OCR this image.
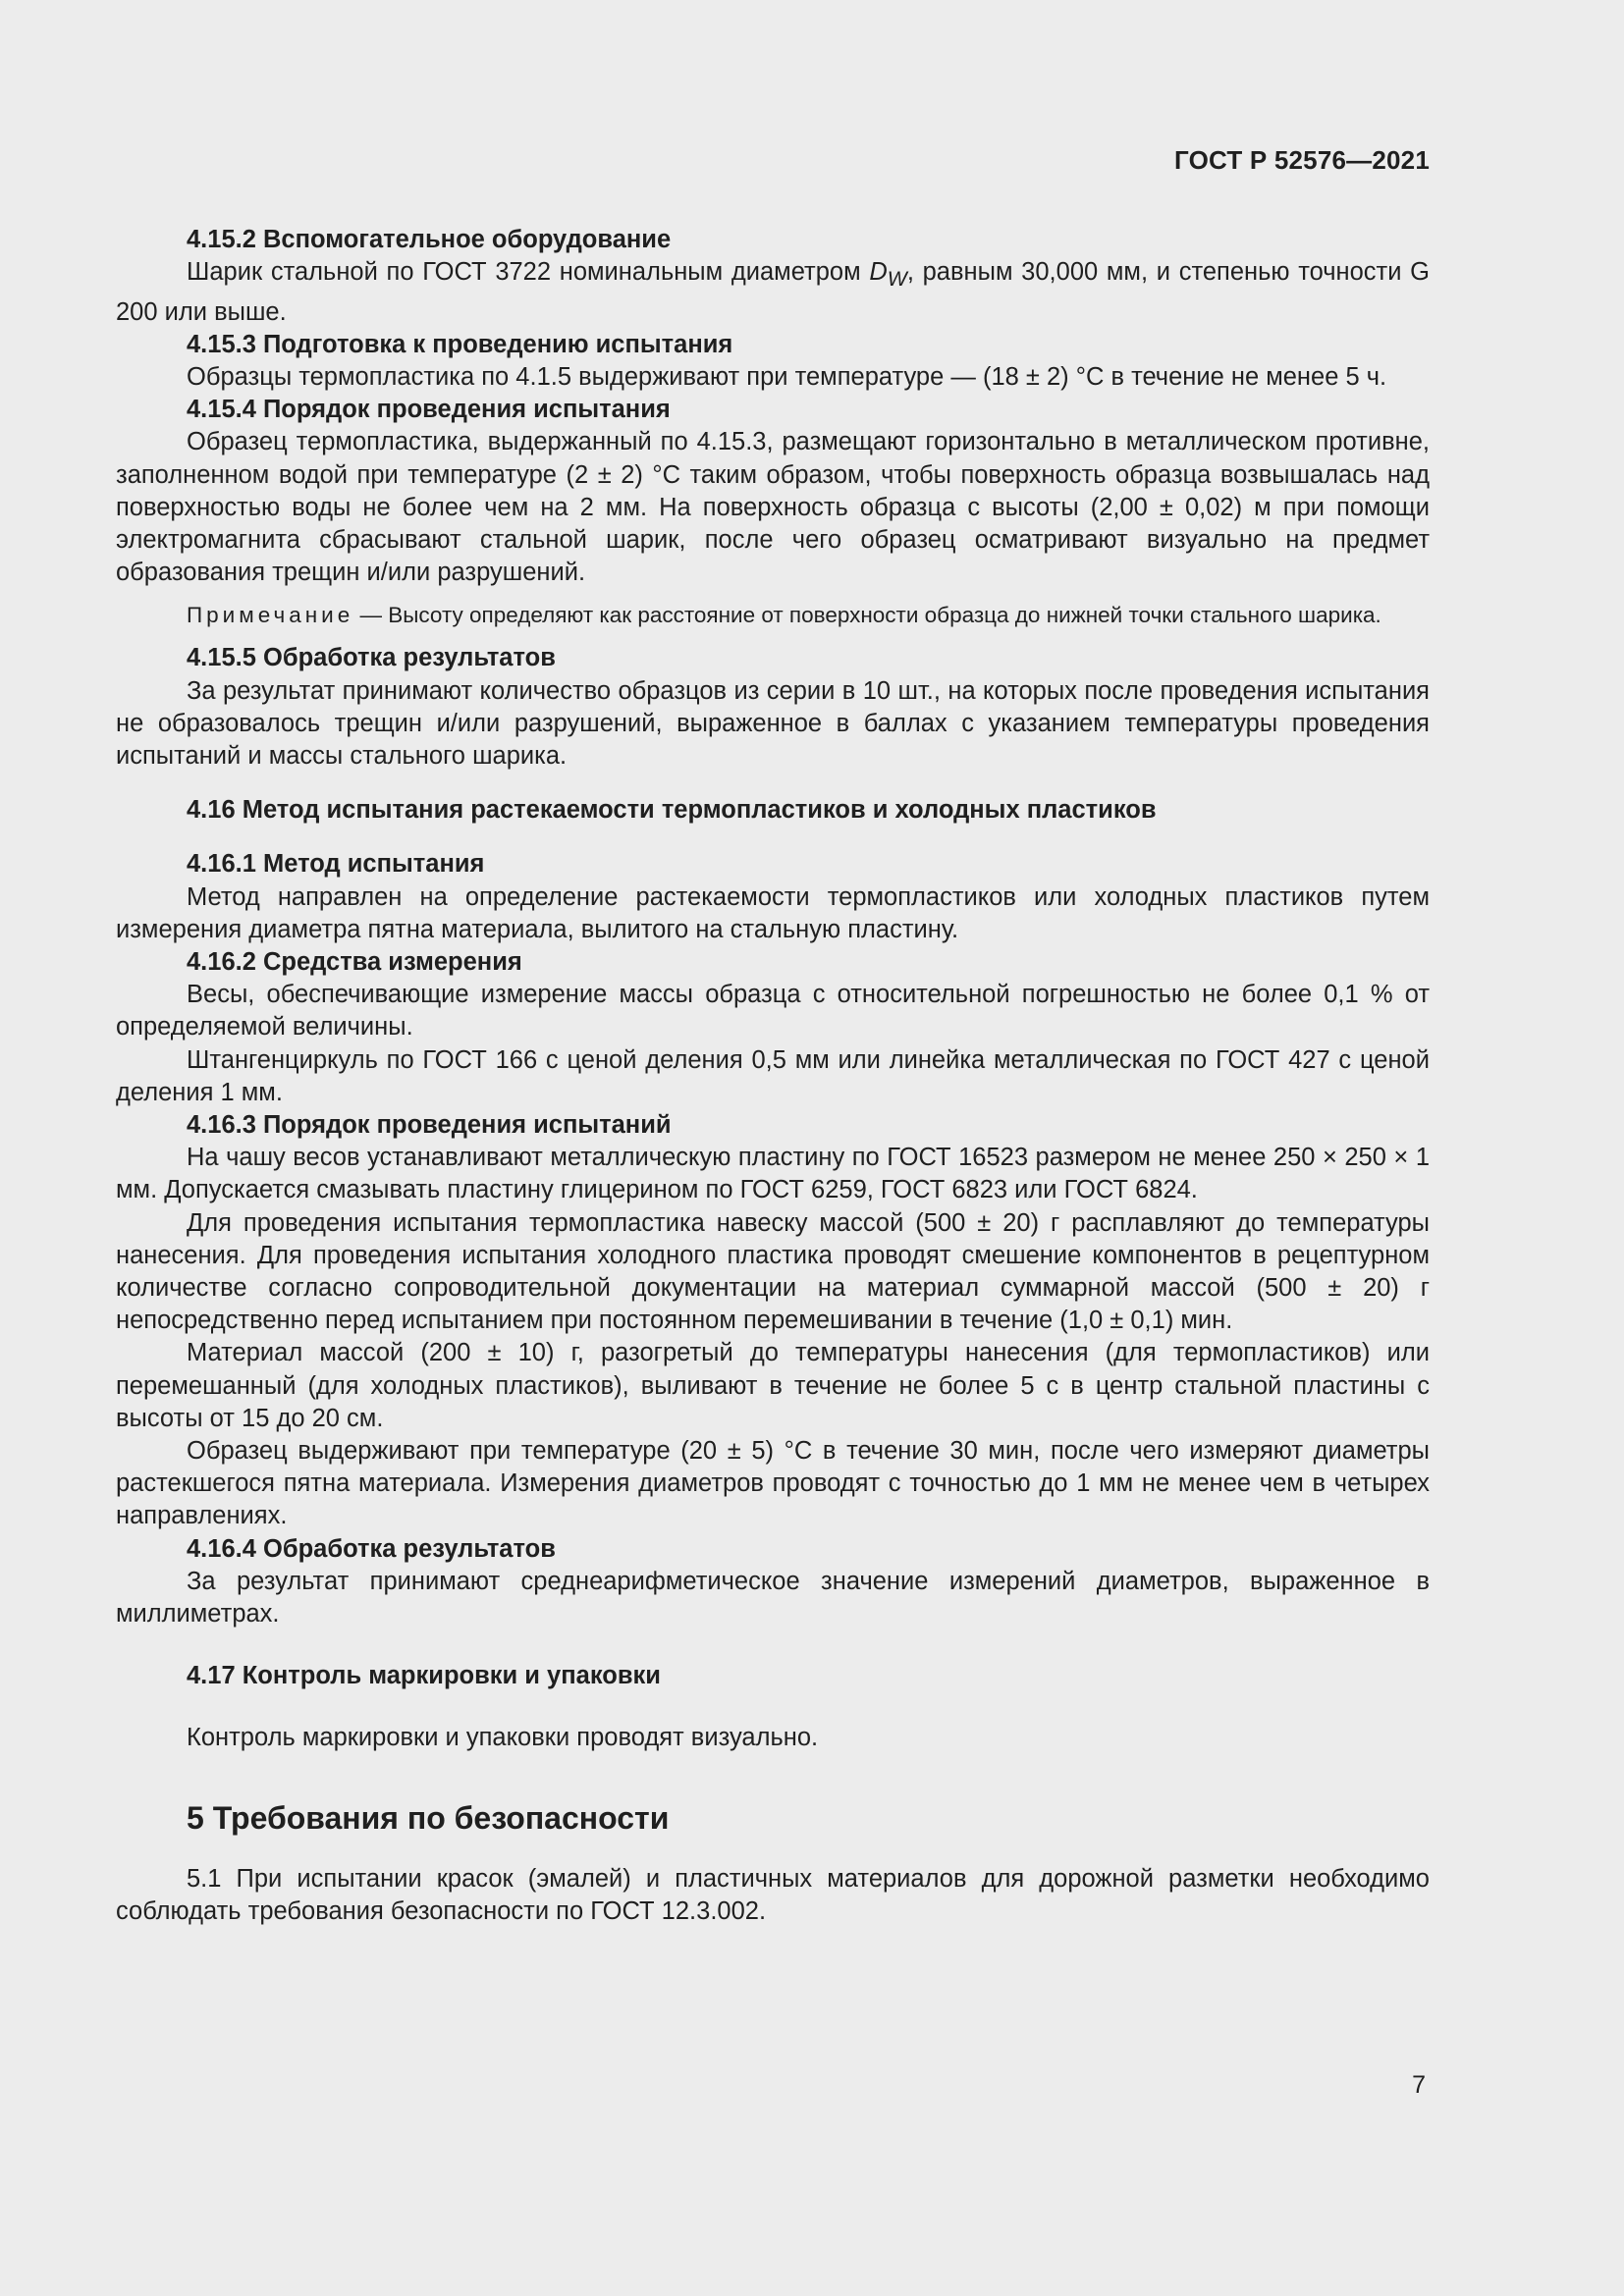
ГОСТ Р 52576—2021

4.15.2 Вспомогательное оборудование

Шарик стальной по ГОСТ 3722 номинальным диаметром $D_W$, равным 30,000 мм, и степенью точности G 200 или выше.

4.15.3 Подготовка к проведению испытания

Образцы термопластика по 4.1.5 выдерживают при температуре — (18 ± 2) °С в течение не менее 5 ч.

4.15.4 Порядок проведения испытания

Образец термопластика, выдержанный по 4.15.3, размещают горизонтально в металлическом противне, заполненном водой при температуре (2 ± 2) °С таким образом, чтобы поверхность образца возвышалась над поверхностью воды не более чем на 2 мм. На поверхность образца с высоты (2,00 ± 0,02) м при помощи электромагнита сбрасывают стальной шарик, после чего образец осматривают визуально на предмет образования трещин и/или разрушений.

Примечание — Высоту определяют как расстояние от поверхности образца до нижней точки стального шарика.

4.15.5 Обработка результатов

За результат принимают количество образцов из серии в 10 шт., на которых после проведения испытания не образовалось трещин и/или разрушений, выраженное в баллах с указанием температуры проведения испытаний и массы стального шарика.

4.16 Метод испытания растекаемости термопластиков и холодных пластиков

4.16.1 Метод испытания

Метод направлен на определение растекаемости термопластиков или холодных пластиков путем измерения диаметра пятна материала, вылитого на стальную пластину.

4.16.2 Средства измерения

Весы, обеспечивающие измерение массы образца с относительной погрешностью не более 0,1 % от определяемой величины.

Штангенциркуль по ГОСТ 166 с ценой деления 0,5 мм или линейка металлическая по ГОСТ 427 с ценой деления 1 мм.

4.16.3 Порядок проведения испытаний

На чашу весов устанавливают металлическую пластину по ГОСТ 16523 размером не менее 250 × 250 × 1 мм. Допускается смазывать пластину глицерином по ГОСТ 6259, ГОСТ 6823 или ГОСТ 6824.

Для проведения испытания термопластика навеску массой (500 ± 20) г расплавляют до температуры нанесения. Для проведения испытания холодного пластика проводят смешение компонентов в рецептурном количестве согласно сопроводительной документации на материал суммарной массой (500 ± 20) г непосредственно перед испытанием при постоянном перемешивании в течение (1,0 ± 0,1) мин.

Материал массой (200 ± 10) г, разогретый до температуры нанесения (для термопластиков) или перемешанный (для холодных пластиков), выливают в течение не более 5 с в центр стальной пластины с высоты от 15 до 20 см.

Образец выдерживают при температуре (20 ± 5) °С в течение 30 мин, после чего измеряют диаметры растекшегося пятна материала. Измерения диаметров проводят с точностью до 1 мм не менее чем в четырех направлениях.

4.16.4 Обработка результатов

За результат принимают среднеарифметическое значение измерений диаметров, выраженное в миллиметрах.

4.17 Контроль маркировки и упаковки

Контроль маркировки и упаковки проводят визуально.

5 Требования по безопасности

5.1 При испытании красок (эмалей) и пластичных материалов для дорожной разметки необходимо соблюдать требования безопасности по ГОСТ 12.3.002.

7
